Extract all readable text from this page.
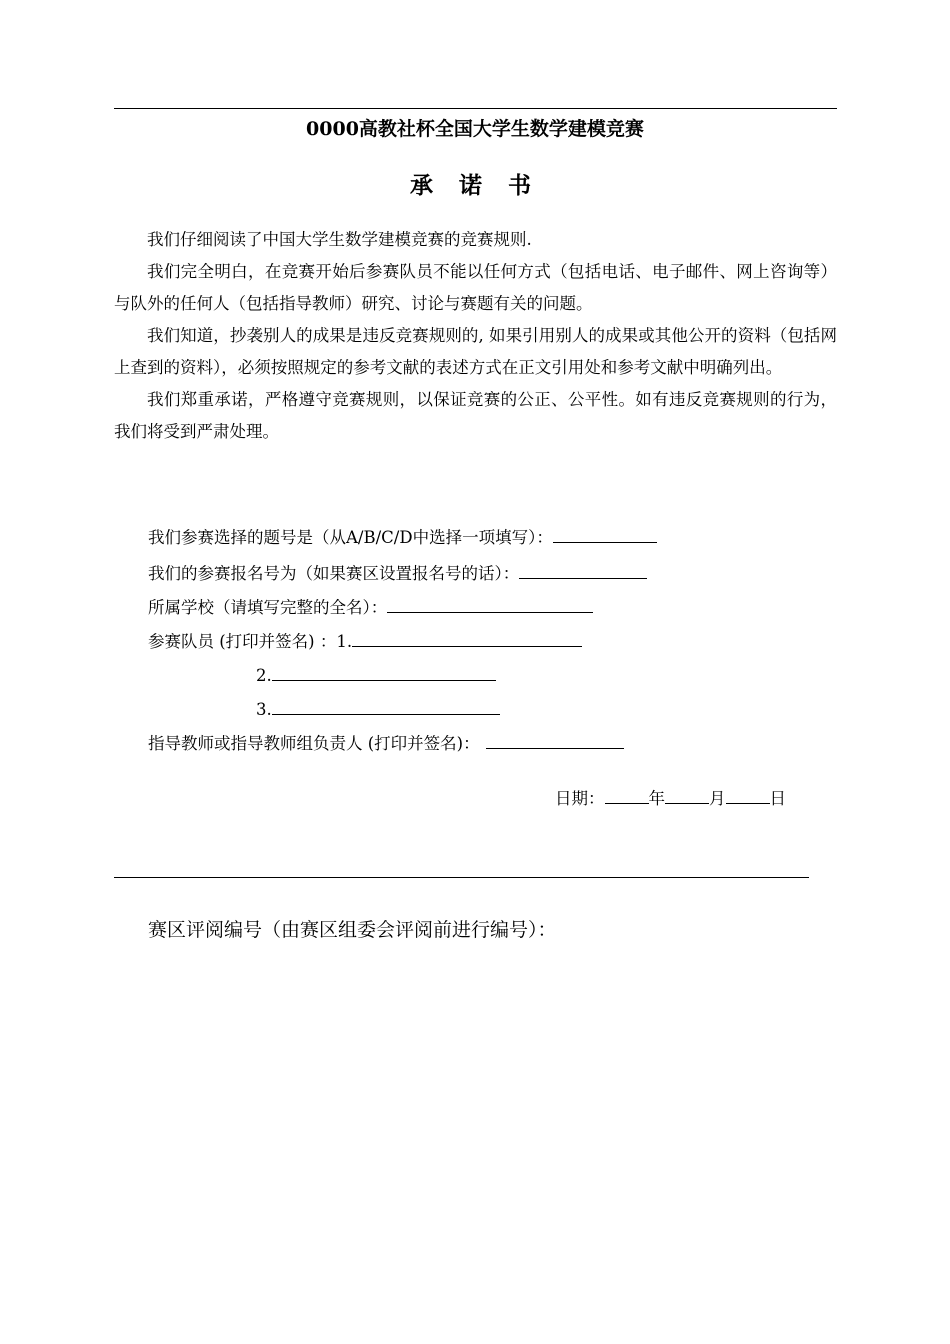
0000高教社杯全国大学生数学建模竞赛
承 诺 书

我们仔细阅读了中国大学生数学建模竞赛的竞赛规则.

我们完全明白，在竞赛开始后参赛队员不能以任何方式（包括电话、电子邮件、网上咨询等）与队外的任何人（包括指导教师）研究、讨论与赛题有关的问题。

我们知道，抄袭别人的成果是违反竞赛规则的, 如果引用别人的成果或其他公开的资料（包括网上查到的资料），必须按照规定的参考文献的表述方式在正文引用处和参考文献中明确列出。

我们郑重承诺，严格遵守竞赛规则，以保证竞赛的公正、公平性。如有违反竞赛规则的行为，我们将受到严肃处理。

我们参赛选择的题号是（从A/B/C/D中选择一项填写）：
我们的参赛报名号为（如果赛区设置报名号的话）：
所属学校（请填写完整的全名）：
参赛队员 (打印并签名) ：1.
2.
3.
指导教师或指导教师组负责人 (打印并签名)：
日期：	年	月	日
赛区评阅编号（由赛区组委会评阅前进行编号）：
